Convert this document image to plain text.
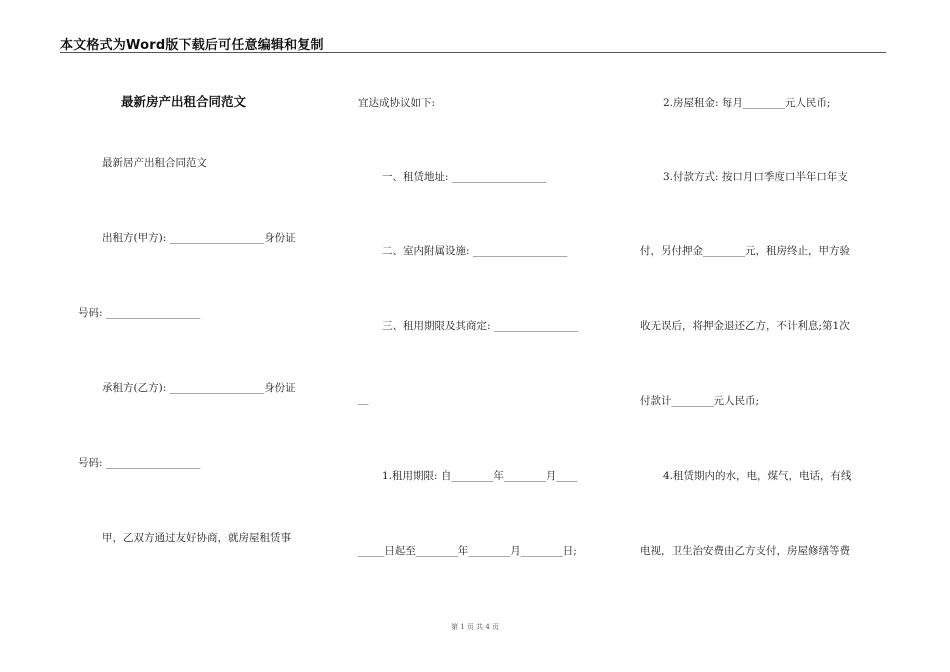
本文格式为Word版下载后可任意编辑和复制
最新房产出租合同范文
最新居产出租合同范文
出租方(甲方): __________________身份证
号码: __________________
承租方(乙方): __________________身份证
号码: __________________
甲，乙双方通过友好协商，就房屋租赁事
宜达成协议如下:
一、租赁地址: __________________
二、室内附属设施: __________________
三、租用期限及其商定: ________________
__
1.租用期限: 自________年________月____
_____日起至________年________月________日;
2.房屋租金: 每月________元人民币;
3.付款方式: 按口月口季度口半年口年支
付，另付押金________元，租房终止，甲方验
收无误后，将押金退还乙方，不计利息;第1次
付款计________元人民币;
4.租赁期内的水，电，煤气，电话，有线
电视，卫生治安费由乙方支付，房屋修缮等费
第 1 页 共 4 页
